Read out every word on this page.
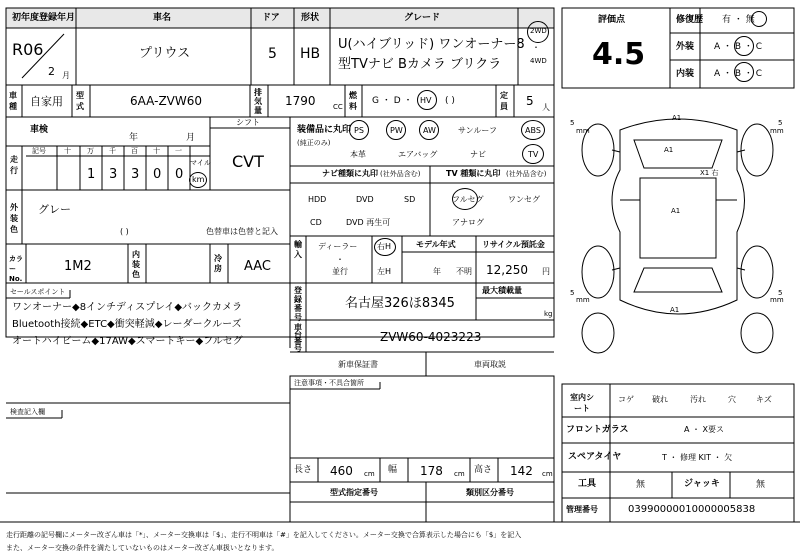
初年度登録年月	車名	ドア 形状	グレード
R06
2 月
プリウス	5 HB
U(ハイブリッド) ワンオーナー8
型TVナビ Bカメラ ブリクラ
2WD
・
4WD
評価点
4.5
修復歴 有 ・ 無
外装 A ・ B ・ C
内装 A ・ B ・ C
車種 自家用 型式	6AA-ZVW60
排気量
1790 CC
燃料
G ・ D ・ HV ( )
定員 5 人
車検
年	月
シフト
CVT
走行
記号	十 万 千 百 十 一
1 3 3 0 0
マイル
km
装備品に丸印
(純正のみ)
PS	PW	AW	サンルーフ	ABS
本革	エアバッグ	ナビ	TV
ナビ種類に丸印 (社外品含む)
HDD	DVD	SD
CD	DVD 再生可
TV 種類に丸印 (社外品含む)
フルセグ	ワンセグ
アナログ
外装色
グレー
( )	色替車は色替と記入
輸入
ディーラー
・
並行
右H
左H
モデル年式
年 不明
リサイクル預託金
12,250 円
カラーNo.
1M2
内装色
冷房 AAC
セールスポイント
ワンオーナー◆8インチディスプレイ◆バックカメラ
Bluetooth接続◆ETC◆衝突軽減◆レーダークルーズ
オートハイビーム◆17AW◆スマートキー◆フルセグ
登録番号
名古屋326ほ8345
最大積載量
kg
車台番号
ZVW60-4023223
新車保証書	車両取説
注意事項・不具合箇所
検査記入欄
室内シート
コゲ 破れ	汚れ	穴	キズ
フロントガラス	A ・ X要ス
スペアタイヤ	T ・ 修理 KIT ・ 欠
工具	無	ジャッキ	無
長さ 460 cm 幅 178 cm 高さ 142 cm
型式指定番号	類別区分番号
管理番号	03990000010000005838
A1
A1
A1
X1 右
A1
5	5
5	5
mm	mm
mm	mm
走行距離の記号欄にメーター改ざん車は「*」、メーター交換車は「$」、走行不明車は「#」を記入してください。メーター交換で合算表示した場合にも「$」を記入
また、メーター交換の条件を満たしていないものはメーター改ざん車扱いとなります。
